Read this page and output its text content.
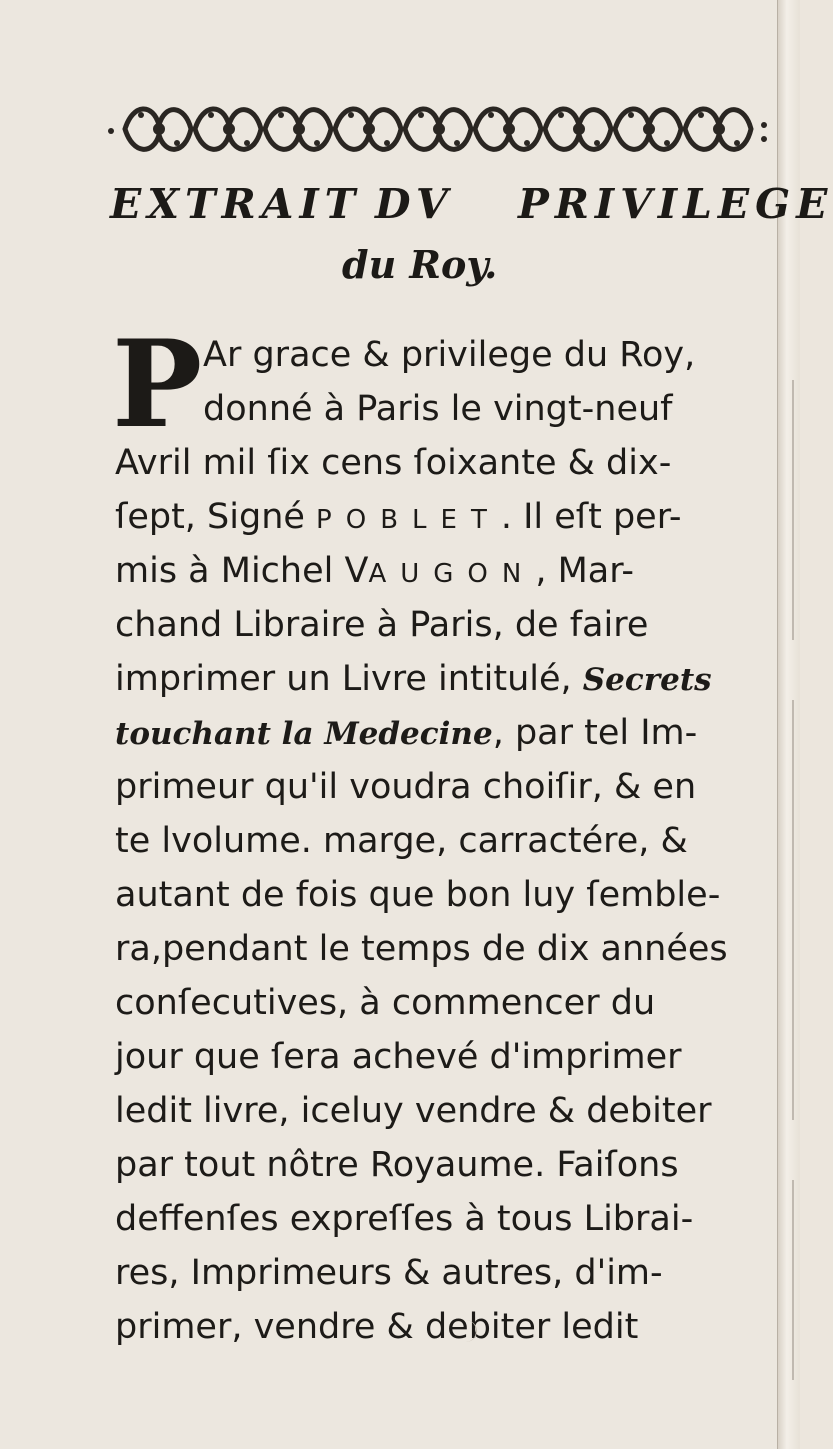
EXTRAIT DV PRIVILEGE
du Roy.
P Ar grace & privilege du Roy,
donné à Paris le vingt-neuf
Avril mil ſix cens ſoixante & dix-
ſept, Signé POBLET. Il eſt per-
mis à Michel VAUGON, Mar-
chand Libraire à Paris, de faire
imprimer un Livre intitulé, Secrets
touchant la Medecine, par tel Im-
primeur qu'il voudra choiſir, & en
te lvolume. marge, carractére, &
autant de fois que bon luy ſemble-
ra,pendant le temps de dix années
conſecutives, à commencer du
jour que ſera achevé d'imprimer
ledit livre, iceluy vendre & debiter
par tout nôtre Royaume. Faiſons
deffenſes expreſſes à tous Librai-
res, Imprimeurs & autres, d'im-
primer, vendre & debiter ledit
